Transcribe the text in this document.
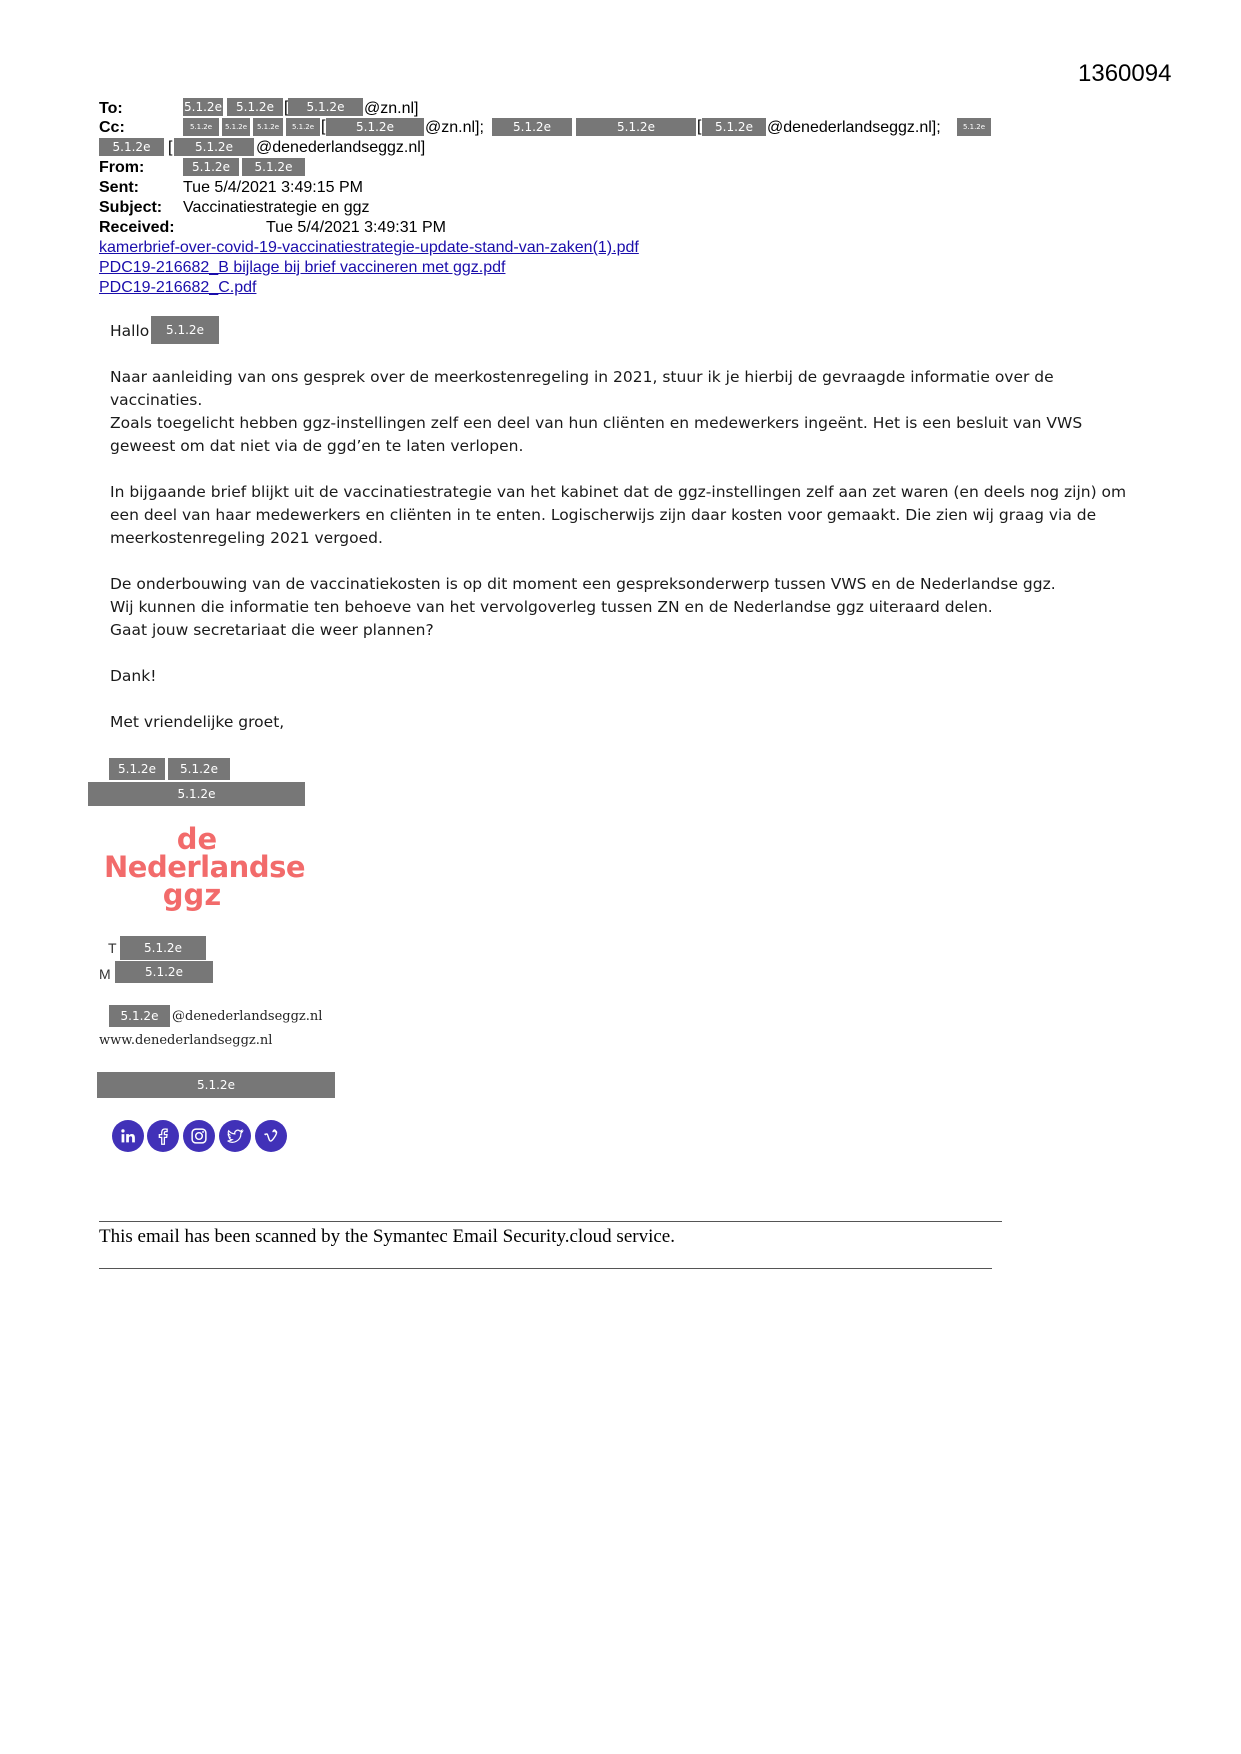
1360094
To:	5.1.2e	5.1.2e [	5.1.2e	@zn.nl]
Cc:	5.1.2e	5.1.2e	5.1.2e	5.1.2e [	5.1.2e	@zn.nl];	5.1.2e	5.1.2e	[	5.1.2e @denederlandseggz.nl];	5.1.2e
5.1.2e	[	5.1.2e	@denederlandseggz.nl]
From:	5.1.2e	5.1.2e
Sent:	Tue 5/4/2021 3:49:15 PM
Subject: Vaccinatiestrategie en ggz
Received:	Tue 5/4/2021 3:49:31 PM
kamerbrief-over-covid-19-vaccinatiestrategie-update-stand-van-zaken(1).pdf
PDC19-216682_B bijlage bij brief vaccineren met ggz.pdf
PDC19-216682_C.pdf
Hallo	5.1.2e
Naar aanleiding van ons gesprek over de meerkostenregeling in 2021, stuur ik je hierbij de gevraagde informatie over de
vaccinaties.
Zoals toegelicht hebben ggz-instellingen zelf een deel van hun cliënten en medewerkers ingeënt. Het is een besluit van VWS
geweest om dat niet via de ggd’en te laten verlopen.
In bijgaande brief blijkt uit de vaccinatiestrategie van het kabinet dat de ggz-instellingen zelf aan zet waren (en deels nog zijn) om
een deel van haar medewerkers en cliënten in te enten. Logischerwijs zijn daar kosten voor gemaakt. Die zien wij graag via de
meerkostenregeling 2021 vergoed.
De onderbouwing van de vaccinatiekosten is op dit moment een gespreksonderwerp tussen VWS en de Nederlandse ggz.
Wij kunnen die informatie ten behoeve van het vervolgoverleg tussen ZN en de Nederlandse ggz uiteraard delen.
Gaat jouw secretariaat die weer plannen?
Dank!
Met vriendelijke groet,
5.1.2e	5.1.2e
5.1.2e
de
Nederlandse
ggz
T	5.1.2e
M	5.1.2e
5.1.2e	@denederlandseggz.nl
www.denederlandseggz.nl
5.1.2e
This email has been scanned by the Symantec Email Security.cloud service.
